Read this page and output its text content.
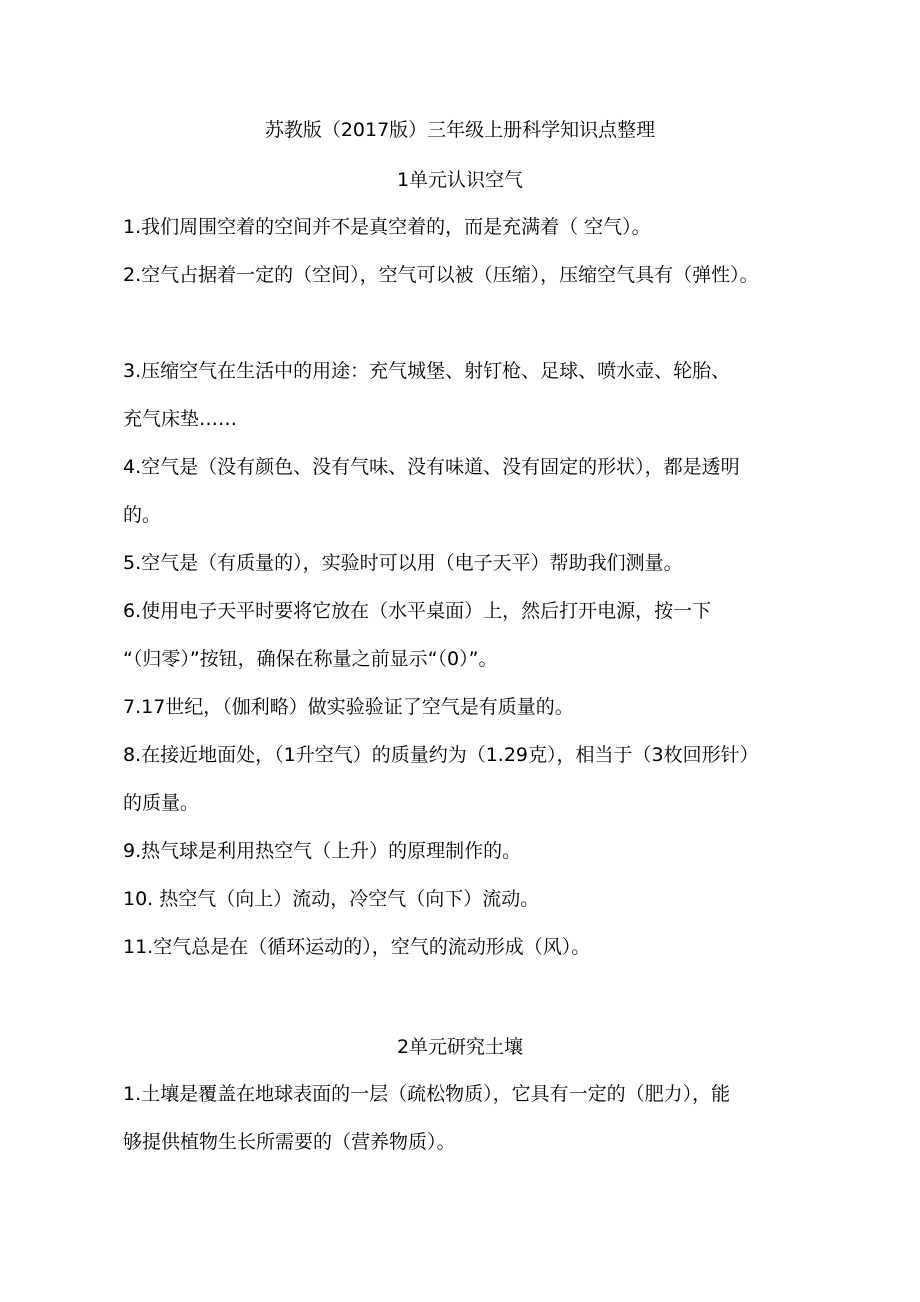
苏教版（2017版）三年级上册科学知识点整理
1单元认识空气
1.我们周围空着的空间并不是真空着的，而是充满着（ 空气）。
2.空气占据着一定的（空间），空气可以被（压缩），压缩空气具有（弹性）。
3.压缩空气在生活中的用途：充气城堡、射钉枪、足球、喷水壶、轮胎、
充气床垫……
4.空气是（没有颜色、没有气味、没有味道、没有固定的形状），都是透明
的。
5.空气是（有质量的），实验时可以用（电子天平）帮助我们测量。
6.使用电子天平时要将它放在（水平桌面）上，然后打开电源，按一下
“（归零）”按钮，确保在称量之前显示“（0）”。
7.17世纪，（伽利略）做实验验证了空气是有质量的。
8.在接近地面处，（1升空气）的质量约为（1.29克），相当于（3枚回形针）
的质量。
9.热气球是利用热空气（上升）的原理制作的。
10. 热空气（向上）流动，冷空气（向下）流动。
11.空气总是在（循环运动的），空气的流动形成（风）。
2单元研究土壤
1.土壤是覆盖在地球表面的一层（疏松物质），它具有一定的（肥力），能
够提供植物生长所需要的（营养物质）。
